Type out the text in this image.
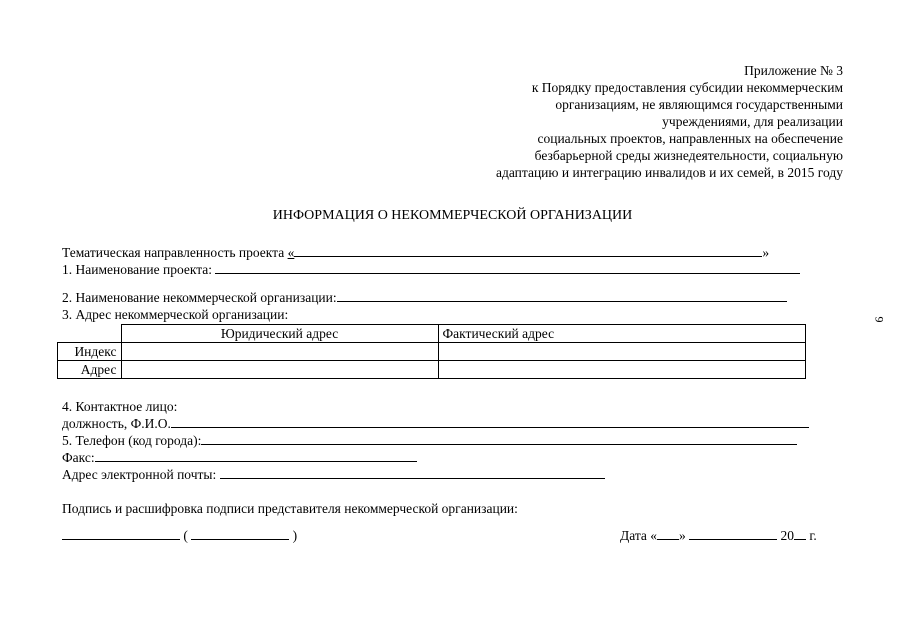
Приложение № 3
к Порядку предоставления субсидии некоммерческим
организациям, не являющимся государственными
учреждениями, для реализации
социальных проектов, направленных на обеспечение
безбарьерной среды жизнедеятельности, социальную
адаптацию и интеграцию инвалидов и их семей, в 2015 году
ИНФОРМАЦИЯ О НЕКОММЕРЧЕСКОЙ ОРГАНИЗАЦИИ
9
Тематическая направленность проекта «	»
1. Наименование проекта:
2. Наименование некоммерческой организации:
3. Адрес некоммерческой организации:
	Юридический адрес	Фактический адрес
Индекс		
Адрес		
4. Контактное лицо:
должность, Ф.И.О.
5. Телефон (код города):
Факс:
Адрес электронной почты:
Подпись и расшифровка подписи представителя некоммерческой организации:
(	)	Дата « »	20 г.
